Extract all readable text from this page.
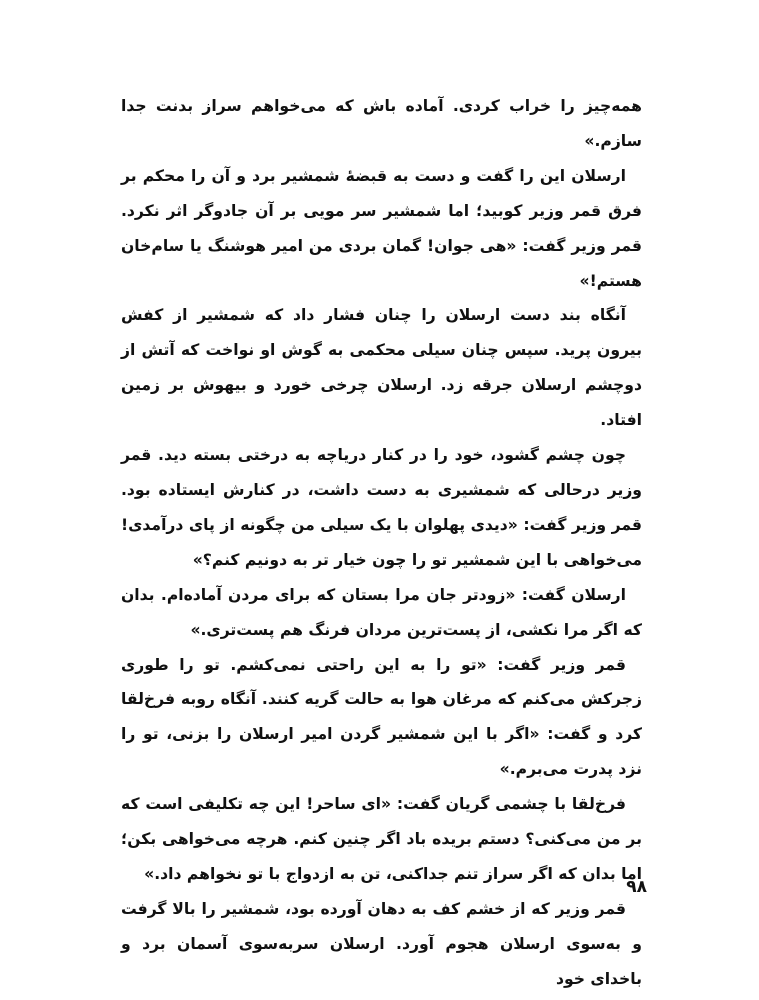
همه‌چیز را خراب کردی. آماده باش که می‌خواهم سراز بدنت جدا سازم.»

ارسلان این را گفت و دست به قبضهٔ شمشیر برد و آن را محکم بر فرق قمر وزیر کوبید؛ اما شمشیر سر مویی بر آن جادوگر اثر نکرد. قمر وزیر گفت: «هی جوان! گمان بردی من امیر هوشنگ یا سام‌خان هستم!»

آنگاه بند دست ارسلان را چنان فشار داد که شمشیر از کفش بیرون پرید. سپس چنان سیلی محکمی به گوش او نواخت که آتش از دوچشم ارسلان جرقه زد. ارسلان چرخی خورد و بیهوش بر زمین افتاد.

چون چشم گشود، خود را در کنار دریاچه به درختی بسته دید. قمر وزیر درحالی که شمشیری به دست داشت، در کنارش ایستاده بود. قمر وزیر گفت: «دیدی پهلوان با یک سیلی من چگونه از پای درآمدی! می‌خواهی با این شمشیر تو را چون خیار تر به دونیم کنم؟»

ارسلان گفت: «زودتر جان مرا بستان که برای مردن آماده‌ام. بدان که اگر مرا نکشی، از پست‌ترین مردان فرنگ هم پست‌تری.»

قمر وزیر گفت: «تو را به این راحتی نمی‌کشم. تو را طوری زجرکش می‌کنم که مرغان هوا به حالت گریه کنند. آنگاه روبه فرخ‌لقا کرد و گفت: «اگر با این شمشیر گردن امیر ارسلان را بزنی، تو را نزد پدرت می‌برم.»

فرخ‌لقا با چشمی گریان گفت: «ای ساحر! این چه تکلیفی است که بر من می‌کنی؟ دستم بریده باد اگر چنین کنم. هرچه می‌خواهی بکن؛ اما بدان که اگر سراز تنم جداکنی، تن به ازدواج با تو نخواهم داد.»

قمر وزیر که از خشم کف به دهان آورده بود، شمشیر را بالا گرفت و به‌سوی ارسلان هجوم آورد. ارسلان سربه‌سوی آسمان برد و باخدای خود

۹۸
